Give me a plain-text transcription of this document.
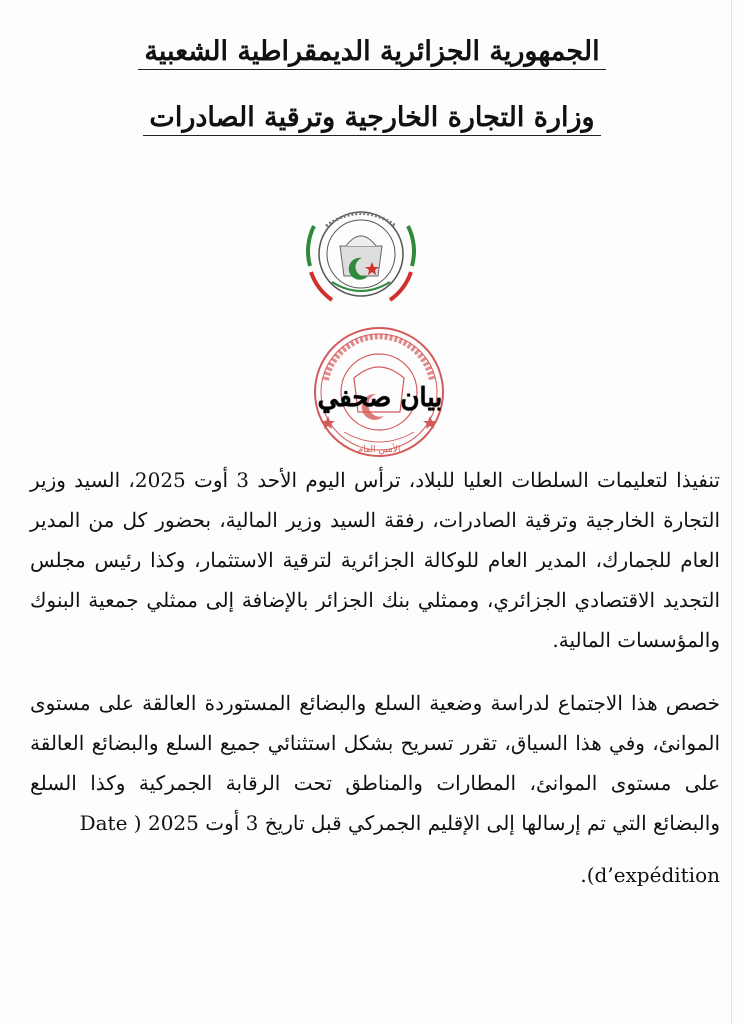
الجمهورية الجزائرية الديمقراطية الشعبية
وزارة التجارة الخارجية وترقية الصادرات
الأمين العام
بيان صحفي
تنفيذا لتعليمات السلطات العليا للبلاد، ترأس اليوم الأحد 3 أوت 2025، السيد وزير التجارة الخارجية وترقية الصادرات، رفقة السيد وزير المالية، بحضور كل من المدير العام للجمارك، المدير العام للوكالة الجزائرية لترقية الاستثمار، وكذا رئيس مجلس التجديد الاقتصادي الجزائري، وممثلي بنك الجزائر بالإضافة إلى ممثلي جمعية البنوك والمؤسسات المالية.
خصص هذا الاجتماع لدراسة وضعية السلع والبضائع المستوردة العالقة على مستوى الموانئ، وفي هذا السياق، تقرر تسريح بشكل استثنائي جميع السلع والبضائع العالقة على مستوى الموانئ، المطارات والمناطق تحت الرقابة الجمركية وكذا السلع والبضائع التي تم إرسالها إلى الإقليم الجمركي قبل تاريخ 3 أوت 2025 ( Date
d’expédition).
